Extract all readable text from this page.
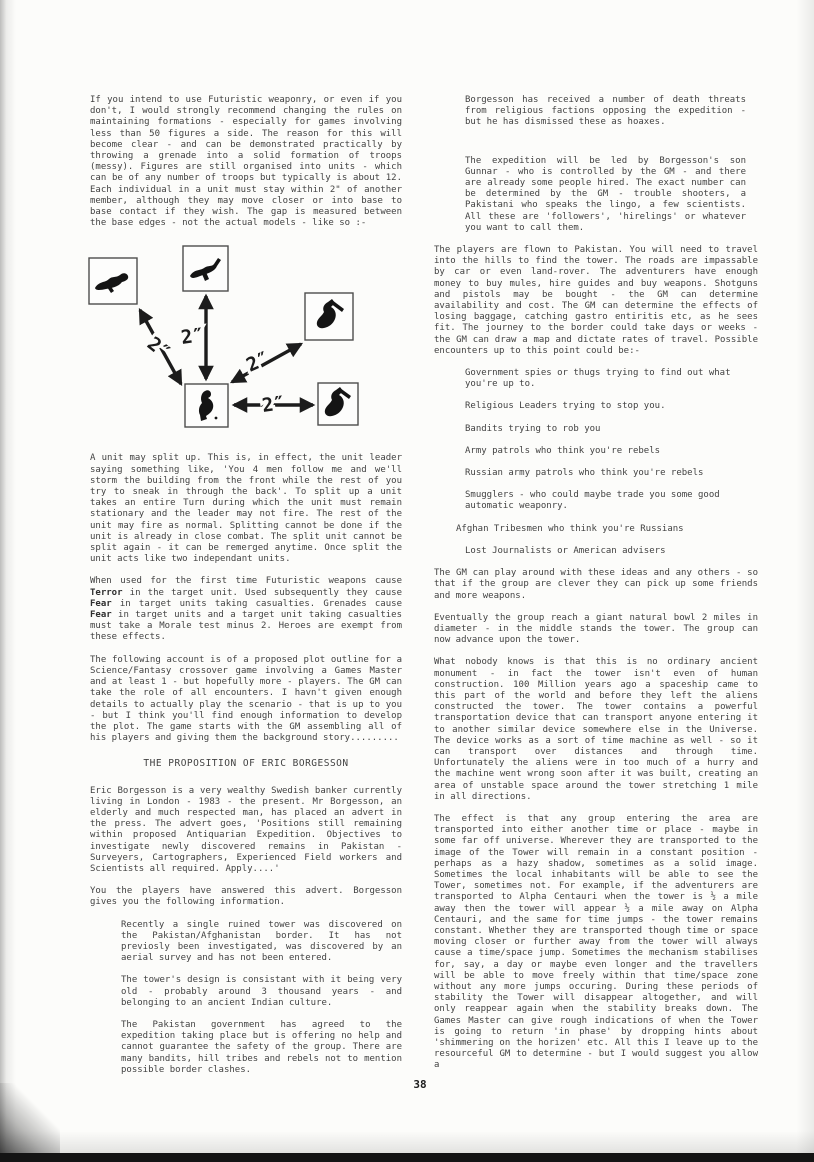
If you intend to use Futuristic weaponry, or even if you don't, I would strongly recommend changing the rules on maintaining formations - especially for games involving less than 50 figures a side. The reason for this will become clear - and can be demonstrated practically by throwing a grenade into a solid formation of troops (messy). Figures are still organised into units - which can be of any number of troops but typically is about 12. Each individual in a unit must stay within 2" of another member, although they may move closer or into base to base contact if they wish. The gap is measured between the base edges - not the actual models - like so :-

2″ 2″
2″
2″

A unit may split up. This is, in effect, the unit leader saying something like, 'You 4 men follow me and we'll storm the building from the front while the rest of you try to sneak in through the back'. To split up a unit takes an entire Turn during which the unit must remain stationary and the leader may not fire. The rest of the unit may fire as normal. Splitting cannot be done if the unit is already in close combat. The split unit cannot be split again - it can be remerged anytime. Once split the unit acts like two independant units.

When used for the first time Futuristic weapons cause Terror in the target unit. Used subsequently they cause Fear in target units taking casualties. Grenades cause Fear in target units and a target unit taking casualties must take a Morale test minus 2. Heroes are exempt from these effects.

The following account is of a proposed plot outline for a Science/Fantasy crossover game involving a Games Master and at least 1 - but hopefully more - players. The GM can take the role of all encounters. I havn't given enough details to actually play the scenario - that is up to you - but I think you'll find enough information to develop the plot. The game starts with the GM assembling all of his players and giving them the background story.........

THE PROPOSITION OF ERIC BORGESSON

Eric Borgesson is a very wealthy Swedish banker currently living in London - 1983 - the present. Mr Borgesson, an elderly and much respected man, has placed an advert in the press. The advert goes, 'Positions still remaining within proposed Antiquarian Expedition. Objectives to investigate newly discovered remains in Pakistan - Surveyers, Cartographers, Experienced Field workers and Scientists all required. Apply....'

You the players have answered this advert. Borgesson gives you the following information.

Recently a single ruined tower was discovered on the Pakistan/Afghanistan border. It has not previosly been investigated, was discovered by an aerial survey and has not been entered.

The tower's design is consistant with it being very old - probably around 3 thousand years - and belonging to an ancient Indian culture.

The Pakistan government has agreed to the expedition taking place but is offering no help and cannot guarantee the safety of the group. There are many bandits, hill tribes and rebels not to mention possible border clashes.

Borgesson has received a number of death threats from religious factions opposing the expedition - but he has dismissed these as hoaxes.

The expedition will be led by Borgesson's son Gunnar - who is controlled by the GM - and there are already some people hired. The exact number can be determined by the GM - trouble shooters, a Pakistani who speaks the lingo, a few scientists. All these are 'followers', 'hirelings' or whatever you want to call them.

The players are flown to Pakistan. You will need to travel into the hills to find the tower. The roads are impassable by car or even land-rover. The adventurers have enough money to buy mules, hire guides and buy weapons. Shotguns and pistols may be bought - the GM can determine availability and cost. The GM can determine the effects of losing baggage, catching gastro entiritis etc, as he sees fit. The journey to the border could take days or weeks - the GM can draw a map and dictate rates of travel. Possible encounters up to this point could be:-

Government spies or thugs trying to find out what you're up to.
Religious Leaders trying to stop you.
Bandits trying to rob you
Army patrols who think you're rebels
Russian army patrols who think you're rebels
Smugglers - who could maybe trade you some good automatic weaponry.
Afghan Tribesmen who think you're Russians
Lost Journalists or American advisers

The GM can play around with these ideas and any others - so that if the group are clever they can pick up some friends and more weapons.

Eventually the group reach a giant natural bowl 2 miles in diameter - in the middle stands the tower. The group can now advance upon the tower.

What nobody knows is that this is no ordinary ancient monument - in fact the tower isn't even of human construction. 100 Million years ago a spaceship came to this part of the world and before they left the aliens constructed the tower. The tower contains a powerful transportation device that can transport anyone entering it to another similar device somewhere else in the Universe. The device works as a sort of time machine as well - so it can transport over distances and through time. Unfortunately the aliens were in too much of a hurry and the machine went wrong soon after it was built, creating an area of unstable space around the tower stretching 1 mile in all directions.

The effect is that any group entering the area are transported into either another time or place - maybe in some far off universe. Wherever they are transported to the image of the Tower will remain in a constant position - perhaps as a hazy shadow, sometimes as a solid image. Sometimes the local inhabitants will be able to see the Tower, sometimes not. For example, if the adventurers are transported to Alpha Centauri when the tower is ½ a mile away then the tower will appear ½ a mile away on Alpha Centauri, and the same for time jumps - the tower remains constant. Whether they are transported though time or space moving closer or further away from the tower will always cause a time/space jump. Sometimes the mechanism stabilises for, say, a day or maybe even longer and the travellers will be able to move freely within that time/space zone without any more jumps occuring. During these periods of stability the Tower will disappear altogether, and will only reappear again when the stability breaks down. The Games Master can give rough indications of when the Tower is going to return 'in phase' by dropping hints about 'shimmering on the horizen' etc. All this I leave up to the resourceful GM to determine - but I would suggest you allow a

38
